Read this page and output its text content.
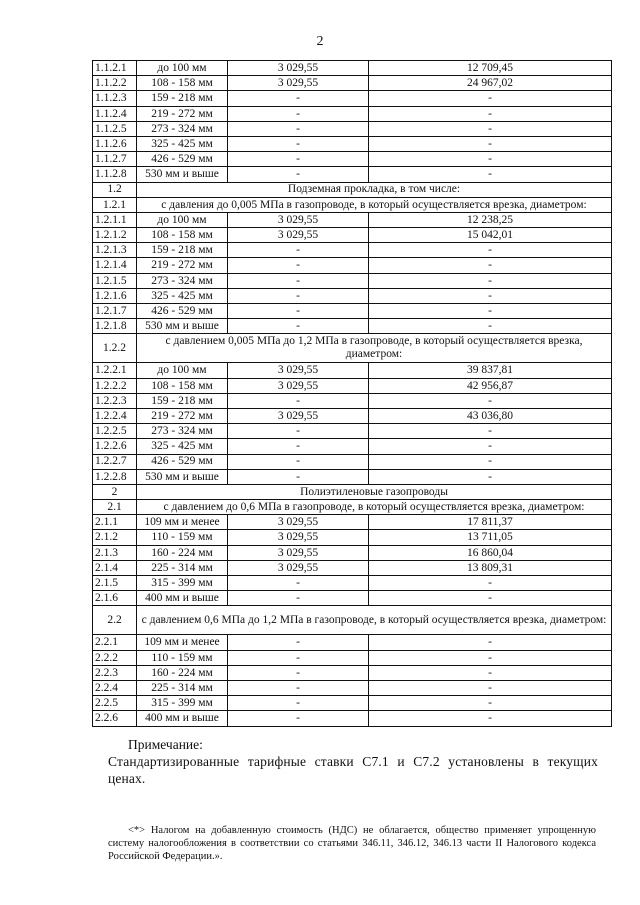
2
1.1.2.1	до 100 мм	3 029,55	12 709,45
1.1.2.2	108 - 158 мм	3 029,55	24 967,02
1.1.2.3	159 - 218 мм	-	-
1.1.2.4	219 - 272 мм	-	-
1.1.2.5	273 - 324 мм	-	-
1.1.2.6	325 - 425 мм	-	-
1.1.2.7	426 - 529 мм	-	-
1.1.2.8	530 мм и выше	-	-
1.2	Подземная прокладка, в том числе:		
1.2.1	с давления до 0,005 МПа в газопроводе, в который осуществляется врезка, диаметром:		
1.2.1.1	до 100 мм	3 029,55	12 238,25
1.2.1.2	108 - 158 мм	3 029,55	15 042,01
1.2.1.3	159 - 218 мм	-	-
1.2.1.4	219 - 272 мм	-	-
1.2.1.5	273 - 324 мм	-	-
1.2.1.6	325 - 425 мм	-	-
1.2.1.7	426 - 529 мм	-	-
1.2.1.8	530 мм и выше	-	-
1.2.2	с давлением 0,005 МПа до 1,2 МПа в газопроводе, в который осуществляется врезка, диаметром:		
1.2.2.1	до 100 мм	3 029,55	39 837,81
1.2.2.2	108 - 158 мм	3 029,55	42 956,87
1.2.2.3	159 - 218 мм	-	-
1.2.2.4	219 - 272 мм	3 029,55	43 036,80
1.2.2.5	273 - 324 мм	-	-
1.2.2.6	325 - 425 мм	-	-
1.2.2.7	426 - 529 мм	-	-
1.2.2.8	530 мм и выше	-	-
2	Полиэтиленовые газопроводы		
2.1	с давлением до 0,6 МПа в газопроводе, в который осуществляется врезка, диаметром:		
2.1.1	109 мм и менее	3 029,55	17 811,37
2.1.2	110 - 159 мм	3 029,55	13 711,05
2.1.3	160 - 224 мм	3 029,55	16 860,04
2.1.4	225 - 314 мм	3 029,55	13 809,31
2.1.5	315 - 399 мм	-	-
2.1.6	400 мм и выше	-	-
2.2	с давлением 0,6 МПа до 1,2 МПа в газопроводе, в который осуществляется врезка, диаметром:		
2.2.1	109 мм и менее	-	-
2.2.2	110 - 159 мм	-	-
2.2.3	160 - 224 мм	-	-
2.2.4	225 - 314 мм	-	-
2.2.5	315 - 399 мм	-	-
2.2.6	400 мм и выше	-	-
Примечание:
Стандартизированные тарифные ставки С7.1 и С7.2 установлены в текущих ценах.
<*> Налогом на добавленную стоимость (НДС) не облагается, общество применяет упрощенную систему налогообложения в соответствии со статьями 346.11, 346.12, 346.13 части II Налогового кодекса Российской Федерации.».
